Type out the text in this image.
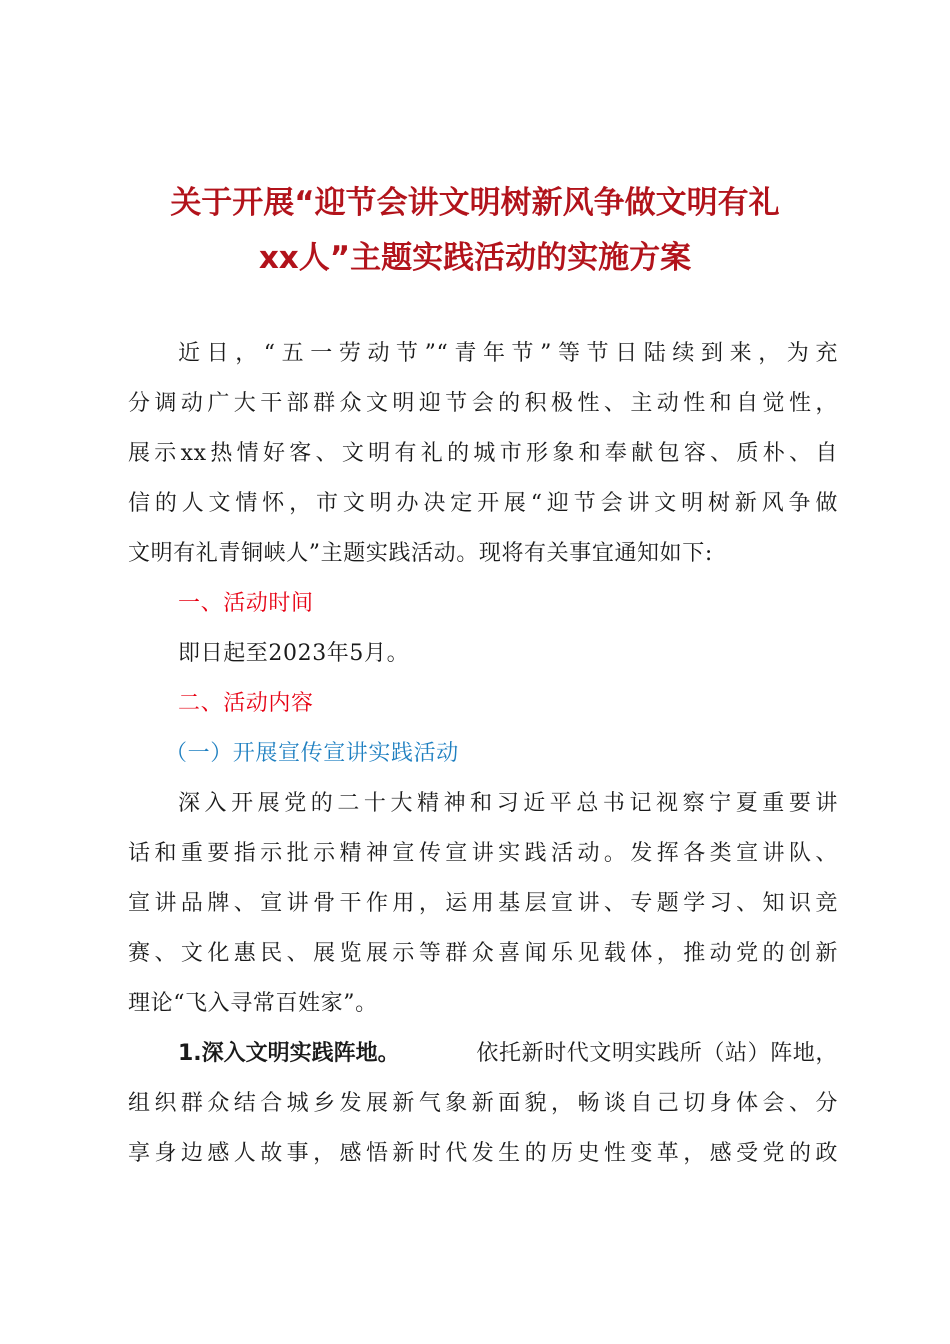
关于开展“迎节会讲文明树新风争做文明有礼
xx人”主题实践活动的实施方案
近日，“五一劳动节”“青年节”等节日陆续到来，为充
分调动广大干部群众文明迎节会的积极性、主动性和自觉性，
展示xx热情好客、文明有礼的城市形象和奉献包容、质朴、自
信的人文情怀，市文明办决定开展“迎节会讲文明树新风争做
文明有礼青铜峡人”主题实践活动。现将有关事宜通知如下:
一、活动时间
即日起至2023年5月。
二、活动内容
（一）开展宣传宣讲实践活动
深入开展党的二十大精神和习近平总书记视察宁夏重要讲
话和重要指示批示精神宣传宣讲实践活动。发挥各类宣讲队、
宣讲品牌、宣讲骨干作用，运用基层宣讲、专题学习、知识竞
赛、文化惠民、展览展示等群众喜闻乐见载体，推动党的创新
理论“飞入寻常百姓家”。
1.深入文明实践阵地。	依托新时代文明实践所（站）阵地，
组织群众结合城乡发展新气象新面貌，畅谈自己切身体会、分
享身边感人故事，感悟新时代发生的历史性变革，感受党的政
